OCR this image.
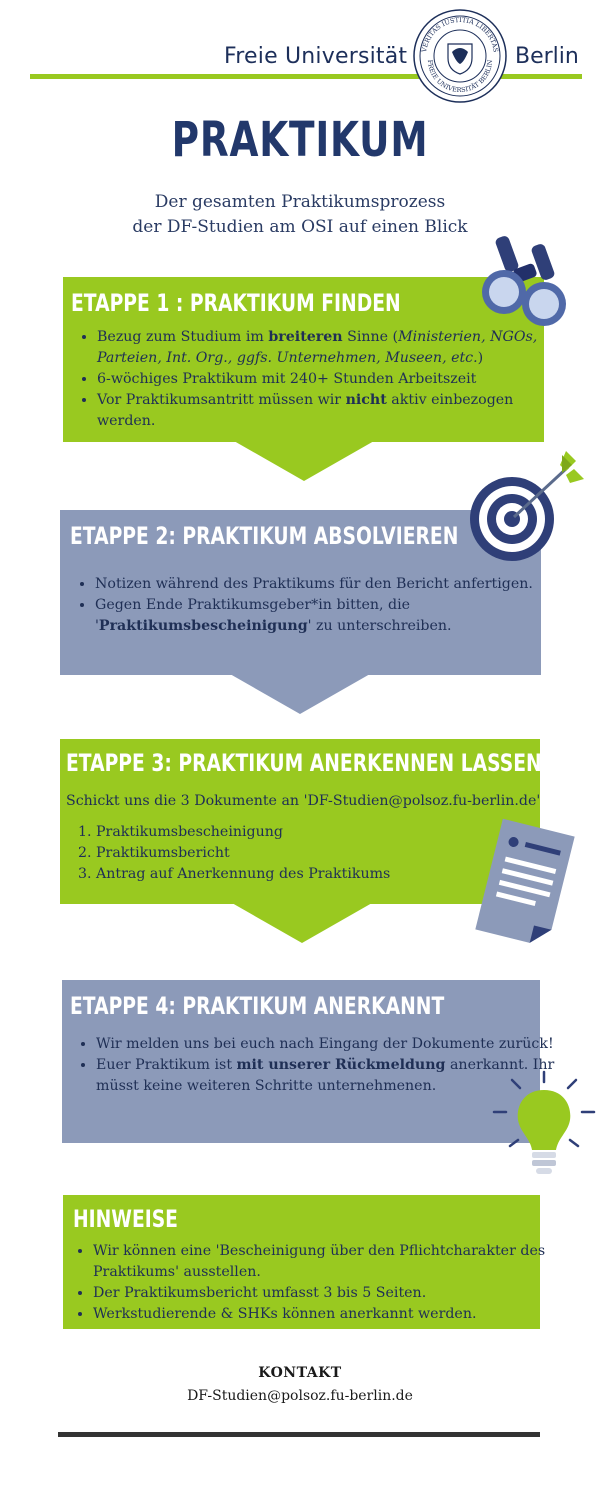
Freie Universität	Berlin
VERITAS IUSTITIA LIBERTAS
FREIE UNIVERSITÄT BERLIN
PRAKTIKUM
Der gesamten Praktikumsprozess
der DF-Studien am OSI auf einen Blick
ETAPPE 1 : PRAKTIKUM FINDEN
• Bezug zum Studium im breiteren Sinne (Ministerien, NGOs, Parteien, Int. Org., ggfs. Unternehmen, Museen, etc.)
• 6-wöchiges Praktikum mit 240+ Stunden Arbeitszeit
• Vor Praktikumsantritt müssen wir nicht aktiv einbezogen werden.
ETAPPE 2: PRAKTIKUM ABSOLVIEREN
• Notizen während des Praktikums für den Bericht anfertigen.
• Gegen Ende Praktikumsgeber*in bitten, die 'Praktikumsbescheinigung' zu unterschreiben.
ETAPPE 3: PRAKTIKUM ANERKENNEN LASSEN
Schickt uns die 3 Dokumente an 'DF-Studien@polsoz.fu-berlin.de'
1. Praktikumsbescheinigung
2. Praktikumsbericht
3. Antrag auf Anerkennung des Praktikums
ETAPPE 4: PRAKTIKUM ANERKANNT
• Wir melden uns bei euch nach Eingang der Dokumente zurück!
• Euer Praktikum ist mit unserer Rückmeldung anerkannt. Ihr müsst keine weiteren Schritte unternehmenen.
HINWEISE
• Wir können eine 'Bescheinigung über den Pflichtcharakter des Praktikums' ausstellen.
• Der Praktikumsbericht umfasst 3 bis 5 Seiten.
• Werkstudierende & SHKs können anerkannt werden.
KONTAKT
DF-Studien@polsoz.fu-berlin.de
